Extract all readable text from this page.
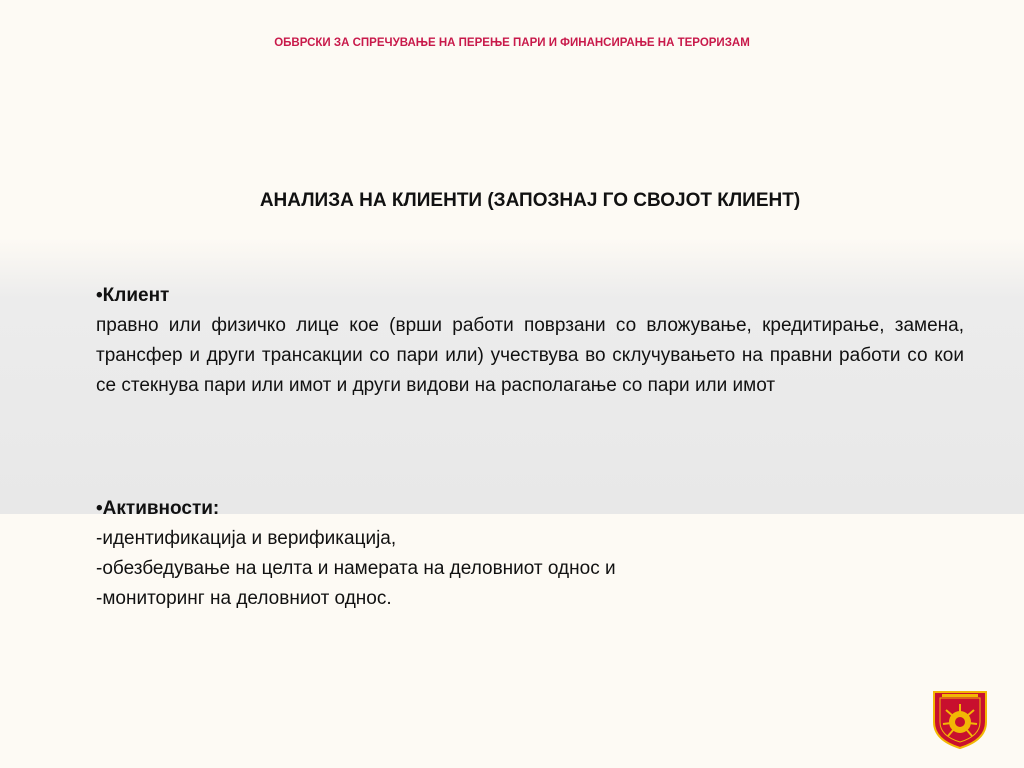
ОБВРСКИ ЗА СПРЕЧУВАЊЕ НА ПЕРЕЊЕ ПАРИ И ФИНАНСИРАЊЕ НА ТЕРОРИЗАМ
АНАЛИЗА НА КЛИЕНТИ (ЗАПОЗНАЈ ГО СВОЈОТ КЛИЕНТ)
•Клиент
правно или физичко лице кое (врши работи поврзани со вложување, кредитирање, замена, трансфер и други трансакции со пари или) учествува во склучувањето на правни работи со кои се стекнува пари или имот и други видови на располагање со пари или имот
•Активности:
-идентификација и верификација,
-обезбедување на целта и намерата на деловниот однос и
-мониторинг на деловниот однос.
